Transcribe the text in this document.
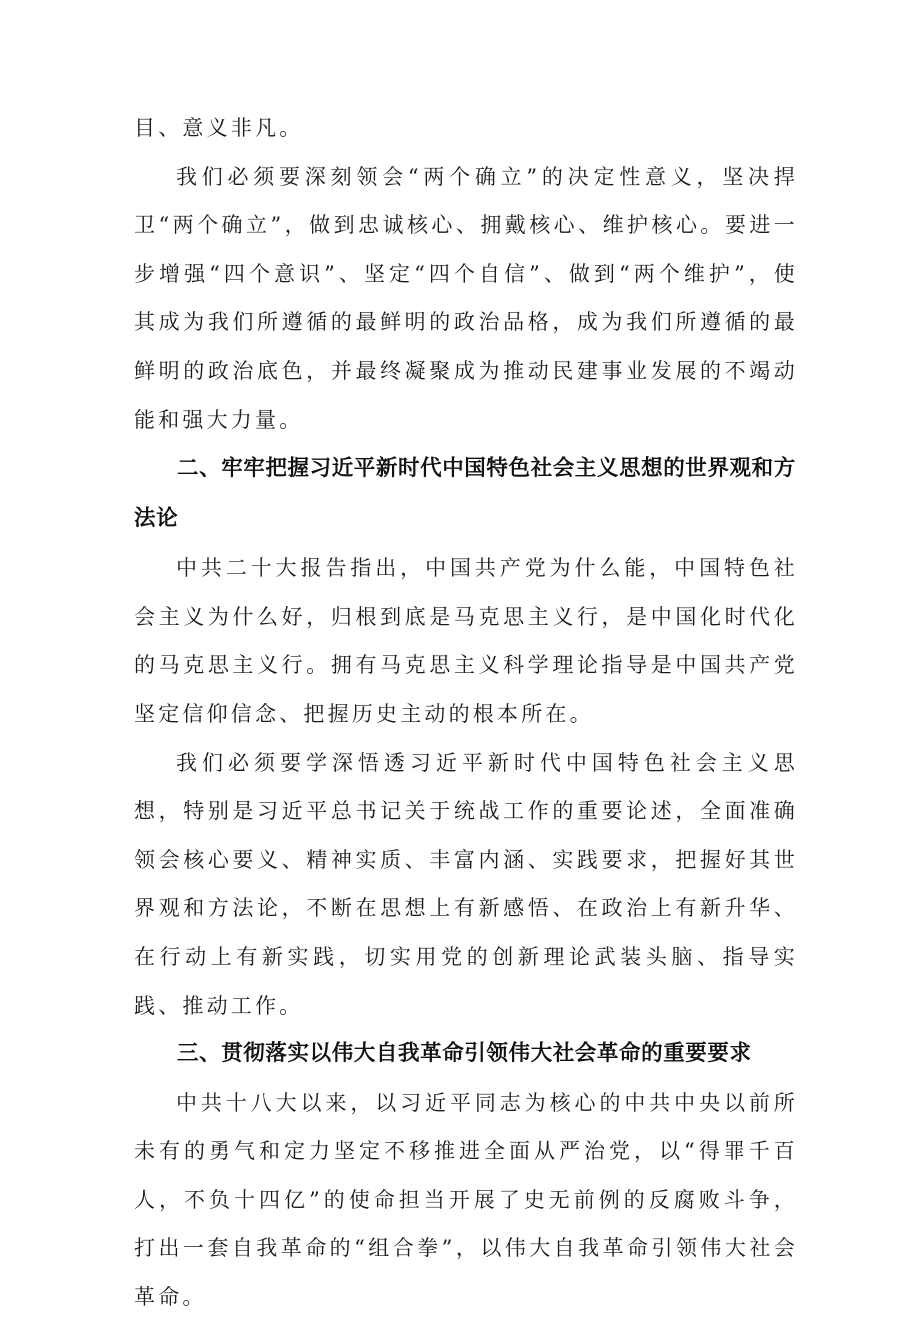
目、意义非凡。

我们必须要深刻领会“两个确立”的决定性意义，坚决捍卫“两个确立”，做到忠诚核心、拥戴核心、维护核心。要进一步增强“四个意识”、坚定“四个自信”、做到“两个维护”，使其成为我们所遵循的最鲜明的政治品格，成为我们所遵循的最鲜明的政治底色，并最终凝聚成为推动民建事业发展的不竭动能和强大力量。

二、牢牢把握习近平新时代中国特色社会主义思想的世界观和方法论

中共二十大报告指出，中国共产党为什么能，中国特色社会主义为什么好，归根到底是马克思主义行，是中国化时代化的马克思主义行。拥有马克思主义科学理论指导是中国共产党坚定信仰信念、把握历史主动的根本所在。

我们必须要学深悟透习近平新时代中国特色社会主义思想，特别是习近平总书记关于统战工作的重要论述，全面准确领会核心要义、精神实质、丰富内涵、实践要求，把握好其世界观和方法论，不断在思想上有新感悟、在政治上有新升华、在行动上有新实践，切实用党的创新理论武装头脑、指导实践、推动工作。

三、贯彻落实以伟大自我革命引领伟大社会革命的重要要求

中共十八大以来，以习近平同志为核心的中共中央以前所未有的勇气和定力坚定不移推进全面从严治党，以“得罪千百人，不负十四亿”的使命担当开展了史无前例的反腐败斗争，打出一套自我革命的“组合拳”，以伟大自我革命引领伟大社会革命。
